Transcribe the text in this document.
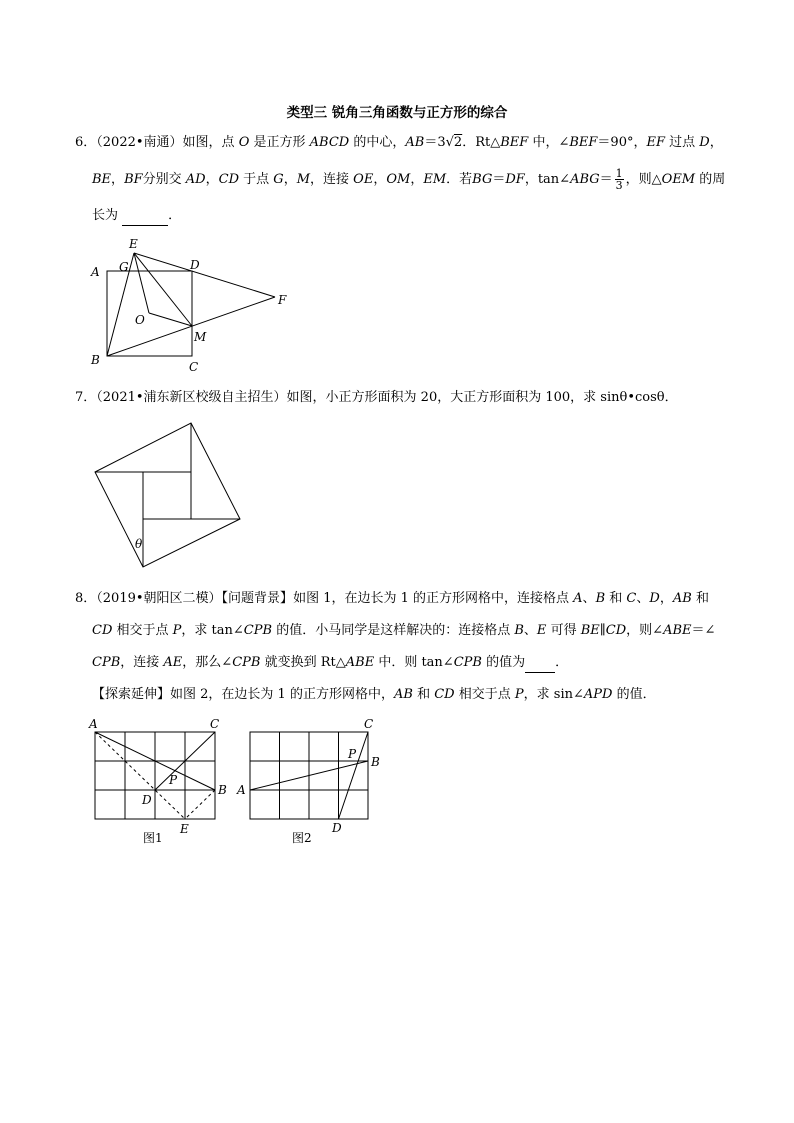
类型三 锐角三角函数与正方形的综合
6．（2022•南通）如图，点 O 是正方形 ABCD 的中心，AB＝3√2．Rt△BEF 中，∠BEF＝90°，EF 过点 D，
BE，BF分别交 AD，CD 于点 G，M，连接 OE，OM，EM．若BG＝DF，tan∠ABG＝ $\frac{1}{3}$ ，则△OEM 的周
长为	．
E
A G	D
F
O
M
B	C
7．（2021•浦东新区校级自主招生）如图，小正方形面积为 20，大正方形面积为 100，求 sinθ•cosθ．
θ
8．（2019•朝阳区二模）【问题背景】如图 1，在边长为 1 的正方形网格中，连接格点 A、B 和 C、D，AB 和
CD 相交于点 P，求 tan∠CPB 的值．小马同学是这样解决的：连接格点 B、E 可得 BE∥CD，则∠ABE＝∠
CPB，连接 AE，那么∠CPB 就变换到 Rt△ABE 中．则 tan∠CPB 的值为 ．
【探索延伸】如图 2，在边长为 1 的正方形网格中，AB 和 CD 相交于点 P，求 sin∠APD 的值．
A	C
P
D
B
E
图1
C
P
B
A
D
图2
